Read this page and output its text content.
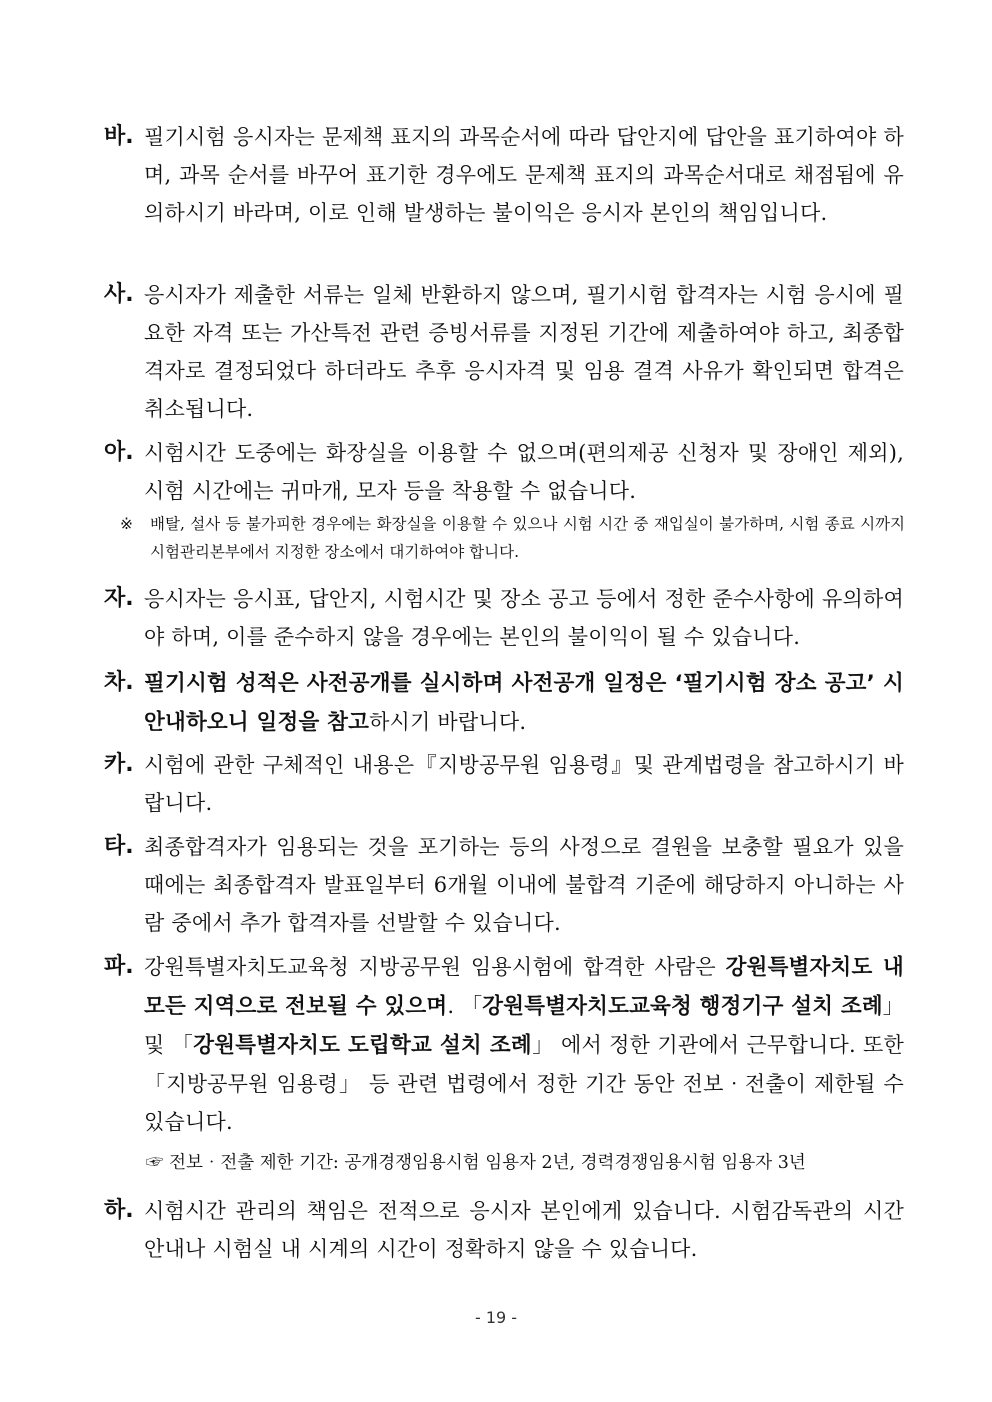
바. 필기시험 응시자는 문제책 표지의 과목순서에 따라 답안지에 답안을 표기하여야 하며, 과목 순서를 바꾸어 표기한 경우에도 문제책 표지의 과목순서대로 채점됨에 유의하시기 바라며, 이로 인해 발생하는 불이익은 응시자 본인의 책임입니다.
사. 응시자가 제출한 서류는 일체 반환하지 않으며, 필기시험 합격자는 시험 응시에 필요한 자격 또는 가산특전 관련 증빙서류를 지정된 기간에 제출하여야 하고, 최종합격자로 결정되었다 하더라도 추후 응시자격 및 임용 결격 사유가 확인되면 합격은 취소됩니다.
아. 시험시간 도중에는 화장실을 이용할 수 없으며(편의제공 신청자 및 장애인 제외), 시험 시간에는 귀마개, 모자 등을 착용할 수 없습니다.
※ 배탈, 설사 등 불가피한 경우에는 화장실을 이용할 수 있으나 시험 시간 중 재입실이 불가하며, 시험 종료 시까지 시험관리본부에서 지정한 장소에서 대기하여야 합니다.
자. 응시자는 응시표, 답안지, 시험시간 및 장소 공고 등에서 정한 준수사항에 유의하여야 하며, 이를 준수하지 않을 경우에는 본인의 불이익이 될 수 있습니다.
차. 필기시험 성적은 사전공개를 실시하며 사전공개 일정은 ‘필기시험 장소 공고’ 시 안내하오니 일정을 참고하시기 바랍니다.
카. 시험에 관한 구체적인 내용은『지방공무원 임용령』및 관계법령을 참고하시기 바랍니다.
타. 최종합격자가 임용되는 것을 포기하는 등의 사정으로 결원을 보충할 필요가 있을 때에는 최종합격자 발표일부터 6개월 이내에 불합격 기준에 해당하지 아니하는 사람 중에서 추가 합격자를 선발할 수 있습니다.
파. 강원특별자치도교육청 지방공무원 임용시험에 합격한 사람은 강원특별자치도 내 모든 지역으로 전보될 수 있으며. 「강원특별자치도교육청 행정기구 설치 조례」 및 「강원특별자치도 도립학교 설치 조례」 에서 정한 기관에서 근무합니다. 또한 「지방공무원 임용령」 등 관련 법령에서 정한 기간 동안 전보‧전출이 제한될 수 있습니다.
☞ 전보‧전출 제한 기간: 공개경쟁임용시험 임용자 2년, 경력경쟁임용시험 임용자 3년
하. 시험시간 관리의 책임은 전적으로 응시자 본인에게 있습니다. 시험감독관의 시간 안내나 시험실 내 시계의 시간이 정확하지 않을 수 있습니다.
- 19 -
